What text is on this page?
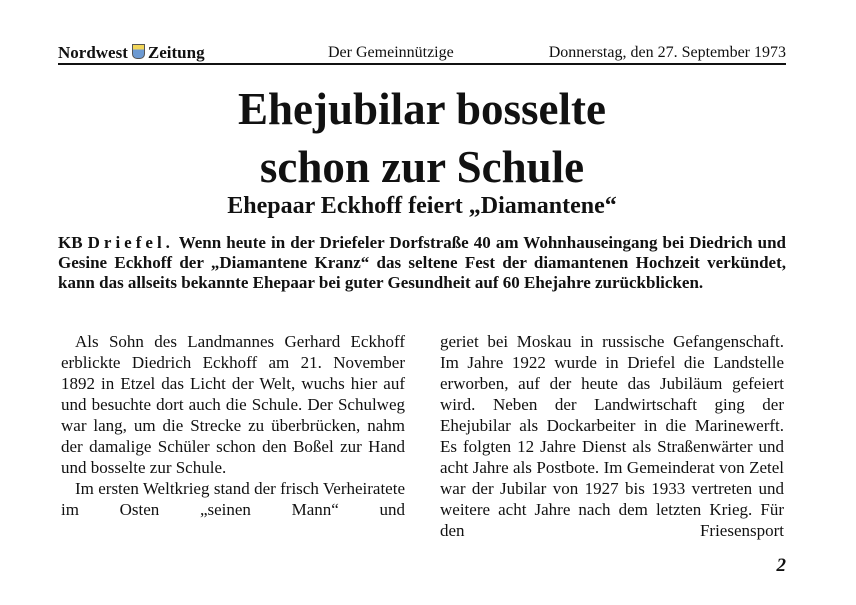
Nordwest Zeitung	Der Gemeinnützige	Donnerstag, den 27. September 1973
Ehejubilar bosselte
schon zur Schule
Ehepaar Eckhoff feiert „Diamantene“

KB Driefel. Wenn heute in der Driefeler Dorfstraße 40 am Wohnhauseingang bei Diedrich und Gesine Eckhoff der „Diamantene Kranz“ das seltene Fest der diamantenen Hochzeit verkündet, kann das allseits bekannte Ehepaar bei guter Gesundheit auf 60 Ehejahre zurückblicken.

Als Sohn des Landmannes Gerhard Eckhoff erblickte Diedrich Eckhoff am 21. November 1892 in Etzel das Licht der Welt, wuchs hier auf und besuchte dort auch die Schule. Der Schulweg war lang, um die Strecke zu überbrücken, nahm der damalige Schüler schon den Boßel zur Hand und bosselte zur Schule.

Im ersten Weltkrieg stand der frisch Verheiratete im Osten „seinen Mann“ und

geriet bei Moskau in russische Gefangenschaft. Im Jahre 1922 wurde in Driefel die Landstelle erworben, auf der heute das Jubiläum gefeiert wird. Neben der Landwirtschaft ging der Ehejubilar als Dockarbeiter in die Marinewerft. Es folgten 12 Jahre Dienst als Straßenwärter und acht Jahre als Postbote. Im Gemeinderat von Zetel war der Jubilar von 1927 bis 1933 vertreten und weitere acht Jahre nach dem letzten Krieg. Für den Friesensport

2
